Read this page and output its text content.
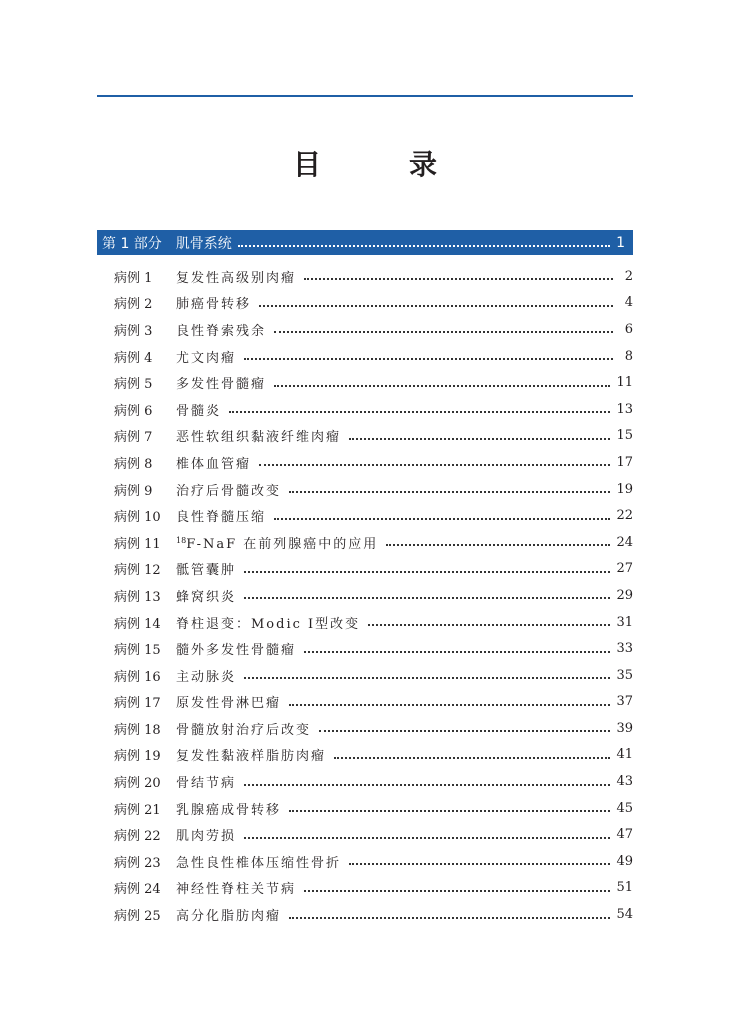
目　录
第 1 部分 肌骨系统	1
病例 1	复发性高级别肉瘤	2
病例 2	肺癌骨转移	4
病例 3	良性脊索残余	6
病例 4	尤文肉瘤	8
病例 5	多发性骨髓瘤	11
病例 6	骨髓炎	13
病例 7	恶性软组织黏液纤维肉瘤	15
病例 8	椎体血管瘤	17
病例 9	治疗后骨髓改变	19
病例 10	良性脊髓压缩	22
病例 11	$^{18}$F-NaF 在前列腺癌中的应用	24
病例 12	骶管囊肿	27
病例 13	蜂窝织炎	29
病例 14	脊柱退变：Modic Ⅰ型改变	31
病例 15	髓外多发性骨髓瘤	33
病例 16	主动脉炎	35
病例 17	原发性骨淋巴瘤	37
病例 18	骨髓放射治疗后改变	39
病例 19	复发性黏液样脂肪肉瘤	41
病例 20	骨结节病	43
病例 21	乳腺癌成骨转移	45
病例 22	肌肉劳损	47
病例 23	急性良性椎体压缩性骨折	49
病例 24	神经性脊柱关节病	51
病例 25	高分化脂肪肉瘤	54
